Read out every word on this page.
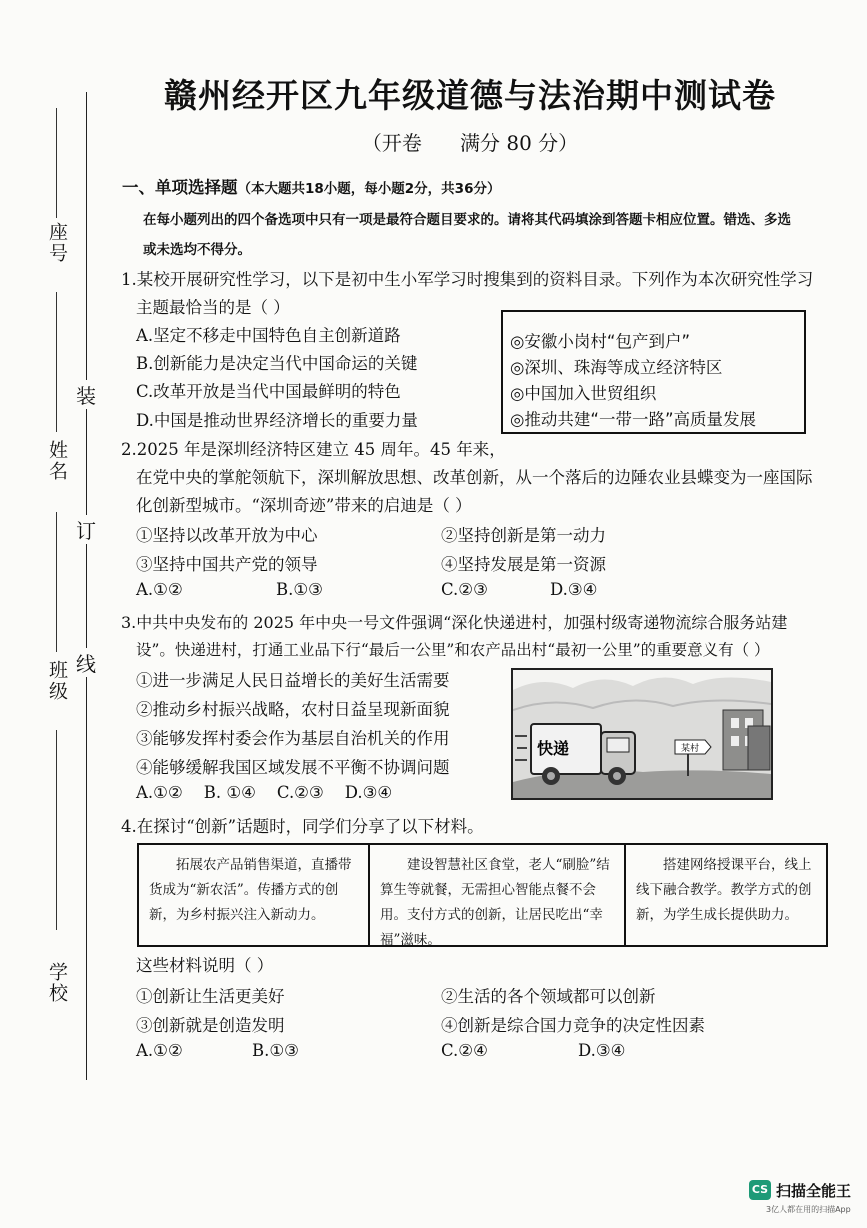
座号
姓名
班级
学校
装
订
线
赣州经开区九年级道德与法治期中测试卷
（开卷      满分 80 分）
一、单项选择题（本大题共18小题，每小题2分，共36分）
在每小题列出的四个备选项中只有一项是最符合题目要求的。请将其代码填涂到答题卡相应位置。错选、多选
或未选均不得分。
1.某校开展研究性学习，以下是初中生小军学习时搜集到的资料目录。下列作为本次研究性学习
主题最恰当的是（ ）
A.坚定不移走中国特色自主创新道路
B.创新能力是决定当代中国命运的关键
C.改革开放是当代中国最鲜明的特色
D.中国是推动世界经济增长的重要力量
◎安徽小岗村“包产到户”
◎深圳、珠海等成立经济特区
◎中国加入世贸组织
◎推动共建“一带一路”高质量发展
2.2025 年是深圳经济特区建立 45 周年。45 年来，
在党中央的掌舵领航下，深圳解放思想、改革创新，从一个落后的边陲农业县蝶变为一座国际
化创新型城市。“深圳奇迹”带来的启迪是（ ）
①坚持以改革开放为中心	②坚持创新是第一动力
③坚持中国共产党的领导	④坚持发展是第一资源
A.①②	B.①③	C.②③	D.③④
3.中共中央发布的 2025 年中央一号文件强调“深化快递进村，加强村级寄递物流综合服务站建
设”。快递进村，打通工业品下行“最后一公里”和农产品出村“最初一公里”的重要意义有（ ）
①进一步满足人民日益增长的美好生活需要
②推动乡村振兴战略，农村日益呈现新面貌
③能够发挥村委会作为基层自治机关的作用
④能够缓解我国区域发展不平衡不协调问题
A.①②    B. ①④    C.②③    D.③④
某村
快递
4.在探讨“创新”话题时，同学们分享了以下材料。
拓展农产品销售渠道，直播带货成为“新农活”。传播方式的创新，为乡村振兴注入新动力。
建设智慧社区食堂，老人“刷脸”结算生等就餐，无需担心智能点餐不会用。支付方式的创新，让居民吃出“幸福”滋味。
搭建网络授课平台，线上线下融合教学。教学方式的创新，为学生成长提供助力。
这些材料说明（ ）
①创新让生活更美好	②生活的各个领域都可以创新
③创新就是创造发明	④创新是综合国力竞争的决定性因素
A.①②	B.①③	C.②④	D.③④
CS 扫描全能王
3亿人都在用的扫描App
